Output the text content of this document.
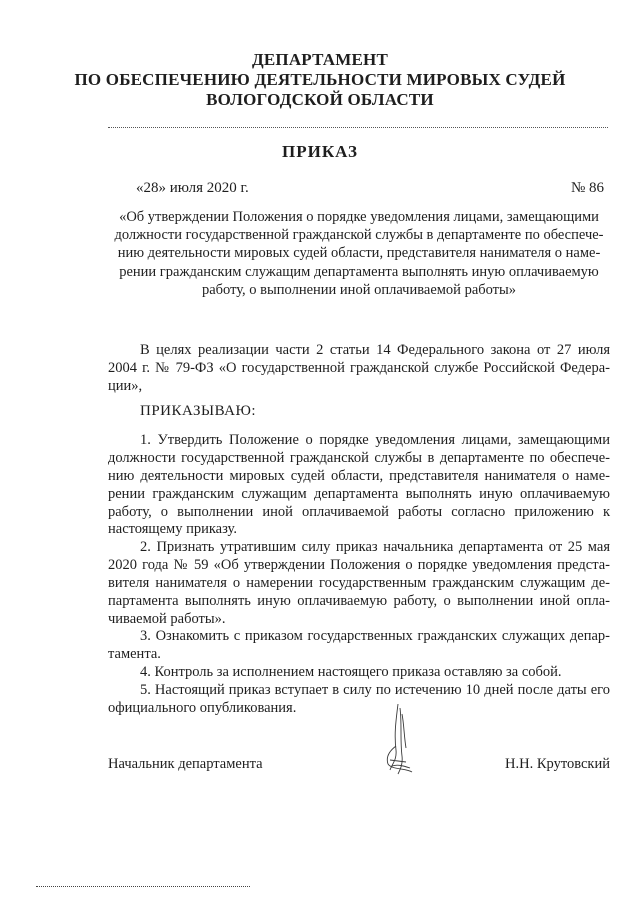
ДЕПАРТАМЕНТ
ПО ОБЕСПЕЧЕНИЮ ДЕЯТЕЛЬНОСТИ МИРОВЫХ СУДЕЙ
ВОЛОГОДСКОЙ ОБЛАСТИ
ПРИКАЗ
«28» июля 2020 г.	№ 86
«Об утверждении Положения о порядке уведомления лицами, замещающими
должности государственной гражданской службы в департаменте по обеспече-
нию деятельности мировых судей области, представителя нанимателя о наме-
рении гражданским служащим департамента выполнять иную оплачиваемую
работу, о выполнении иной оплачиваемой работы»
В целях реализации части 2 статьи 14 Федерального закона от 27 июля
2004 г. № 79-ФЗ «О государственной гражданской службе Российской Федера-
ции»,
ПРИКАЗЫВАЮ:
1. Утвердить Положение о порядке уведомления лицами, замещающими
должности государственной гражданской службы в департаменте по обеспече-
нию деятельности мировых судей области, представителя нанимателя о наме-
рении гражданским служащим департамента выполнять иную оплачиваемую
работу, о выполнении иной оплачиваемой работы согласно приложению к
настоящему приказу.
2. Признать утратившим силу приказ начальника департамента от 25 мая
2020 года № 59 «Об утверждении Положения о порядке уведомления предста-
вителя нанимателя о намерении государственным гражданским служащим де-
партамента выполнять иную оплачиваемую работу, о выполнении иной опла-
чиваемой работы».
3. Ознакомить с приказом государственных гражданских служащих депар-
тамента.
4. Контроль за исполнением настоящего приказа оставляю за собой.
5. Настоящий приказ вступает в силу по истечению 10 дней после даты его
официального опубликования.
Начальник департамента	Н.Н. Крутовский
